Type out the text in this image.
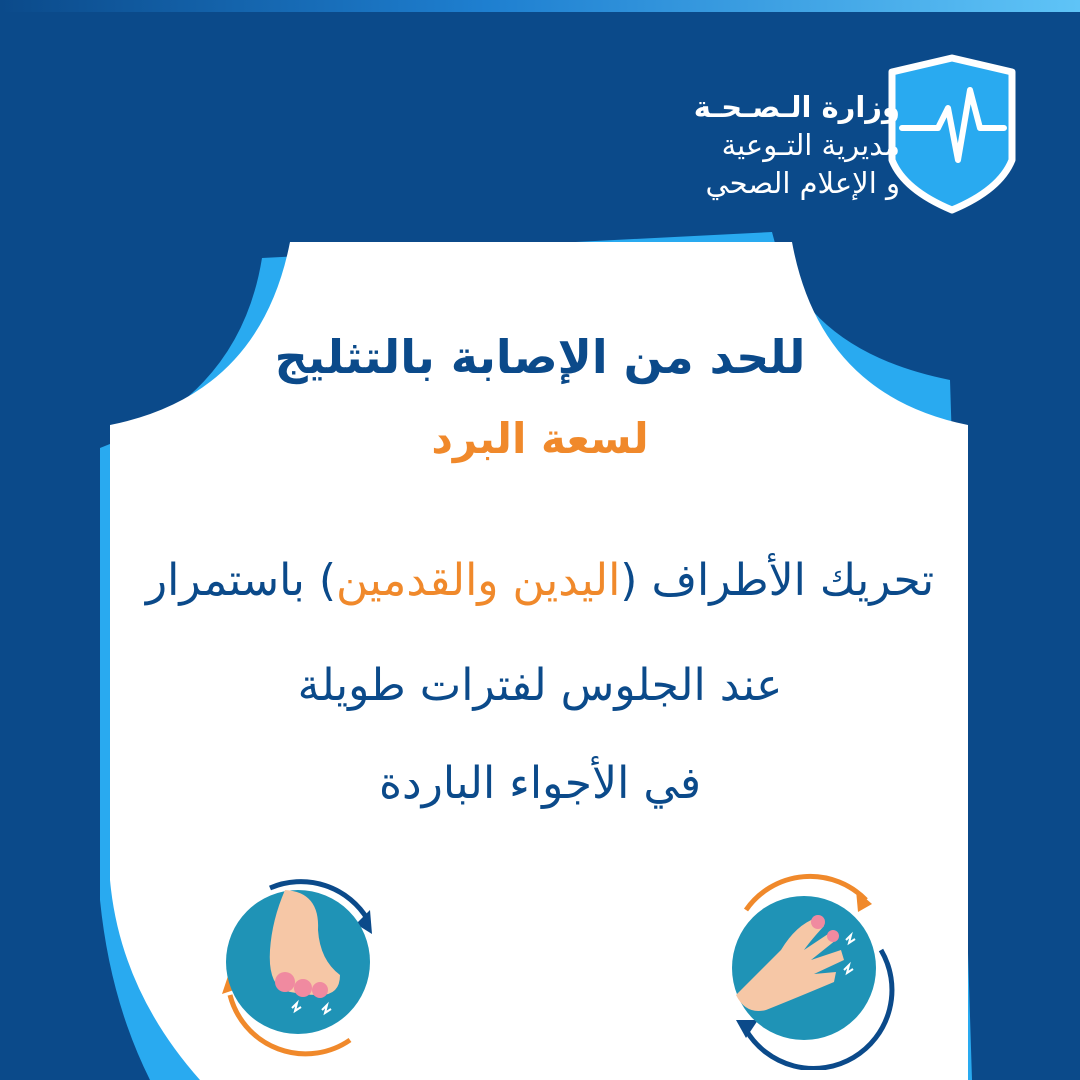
وزارة الـصـحـة
مديرية التـوعية
و الإعلام الصحي
للحد من الإصابة بالتثليج
لسعة البرد
تحريك الأطراف (اليدين والقدمين) باستمرار
عند الجلوس لفترات طويلة
في الأجواء الباردة
